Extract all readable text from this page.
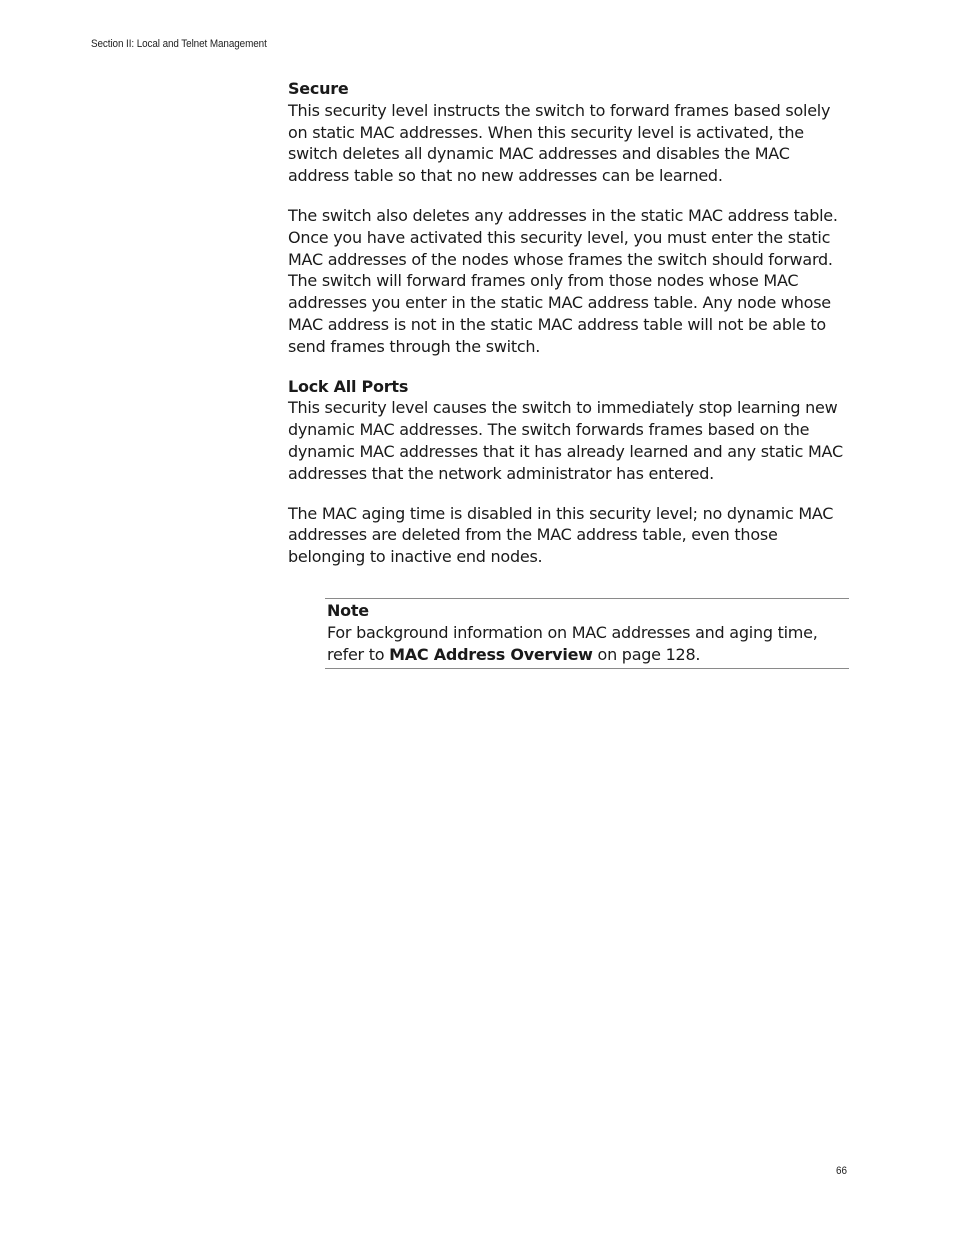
Section II: Local and Telnet Management

Secure

This security level instructs the switch to forward frames based solely on static MAC addresses. When this security level is activated, the switch deletes all dynamic MAC addresses and disables the MAC address table so that no new addresses can be learned.

The switch also deletes any addresses in the static MAC address table. Once you have activated this security level, you must enter the static MAC addresses of the nodes whose frames the switch should forward. The switch will forward frames only from those nodes whose MAC addresses you enter in the static MAC address table. Any node whose MAC address is not in the static MAC address table will not be able to send frames through the switch.

Lock All Ports

This security level causes the switch to immediately stop learning new dynamic MAC addresses. The switch forwards frames based on the dynamic MAC addresses that it has already learned and any static MAC addresses that the network administrator has entered.

The MAC aging time is disabled in this security level; no dynamic MAC addresses are deleted from the MAC address table, even those belonging to inactive end nodes.

Note
For background information on MAC addresses and aging time, refer to MAC Address Overview on page 128.
66
